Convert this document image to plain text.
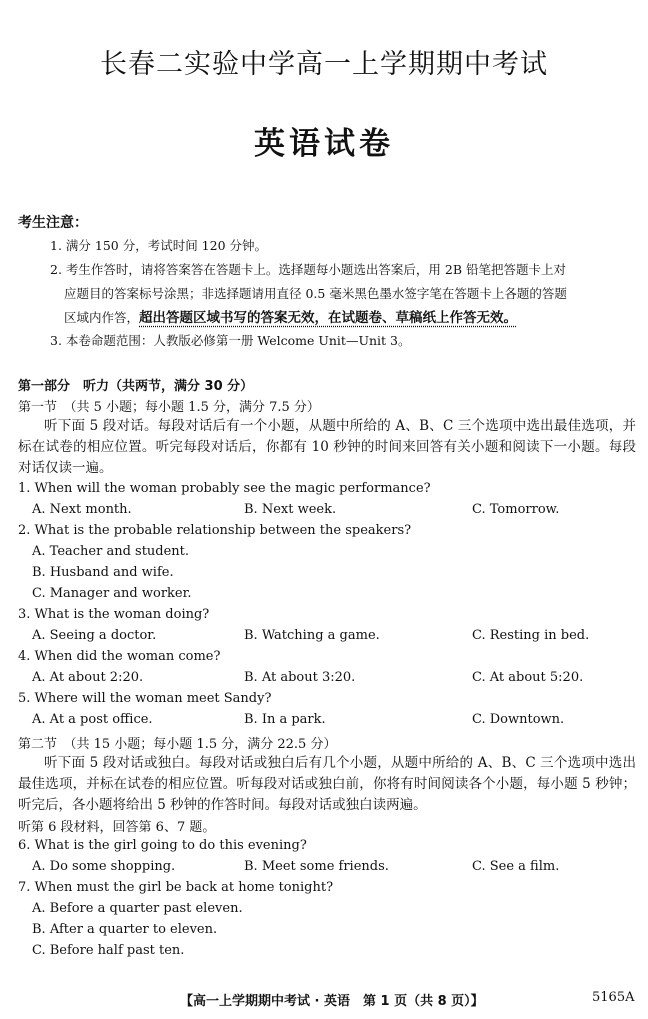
长春二实验中学高一上学期期中考试
英语试卷
考生注意：
1. 满分 150 分，考试时间 120 分钟。
2. 考生作答时，请将答案答在答题卡上。选择题每小题选出答案后，用 2B 铅笔把答题卡上对
应题目的答案标号涂黑；非选择题请用直径 0.5 毫米黑色墨水签字笔在答题卡上各题的答题
区域内作答，超出答题区域书写的答案无效，在试题卷、草稿纸上作答无效。
3. 本卷命题范围：人教版必修第一册 Welcome Unit—Unit 3。
第一部分　听力（共两节，满分 30 分）
第一节　（共 5 小题；每小题 1.5 分，满分 7.5 分）
听下面 5 段对话。每段对话后有一个小题，从题中所给的 A、B、C 三个选项中选出最佳选项，并标在试卷的相应位置。听完每段对话后，你都有 10 秒钟的时间来回答有关小题和阅读下一小题。每段对话仅读一遍。
1. When will the woman probably see the magic performance?
A. Next month.	B. Next week.	C. Tomorrow.
2. What is the probable relationship between the speakers?
A. Teacher and student.
B. Husband and wife.
C. Manager and worker.
3. What is the woman doing?
A. Seeing a doctor.	B. Watching a game.	C. Resting in bed.
4. When did the woman come?
A. At about 2:20.	B. At about 3:20.	C. At about 5:20.
5. Where will the woman meet Sandy?
A. At a post office.	B. In a park.	C. Downtown.
第二节　（共 15 小题；每小题 1.5 分，满分 22.5 分）
听下面 5 段对话或独白。每段对话或独白后有几个小题，从题中所给的 A、B、C 三个选项中选出最佳选项，并标在试卷的相应位置。听每段对话或独白前，你将有时间阅读各个小题，每小题 5 秒钟；听完后，各小题将给出 5 秒钟的作答时间。每段对话或独白读两遍。
听第 6 段材料，回答第 6、7 题。
6. What is the girl going to do this evening?
A. Do some shopping.	B. Meet some friends.	C. See a film.
7. When must the girl be back at home tonight?
A. Before a quarter past eleven.
B. After a quarter to eleven.
C. Before half past ten.
【高一上学期期中考试 · 英语　第 1 页（共 8 页）】	5165A
